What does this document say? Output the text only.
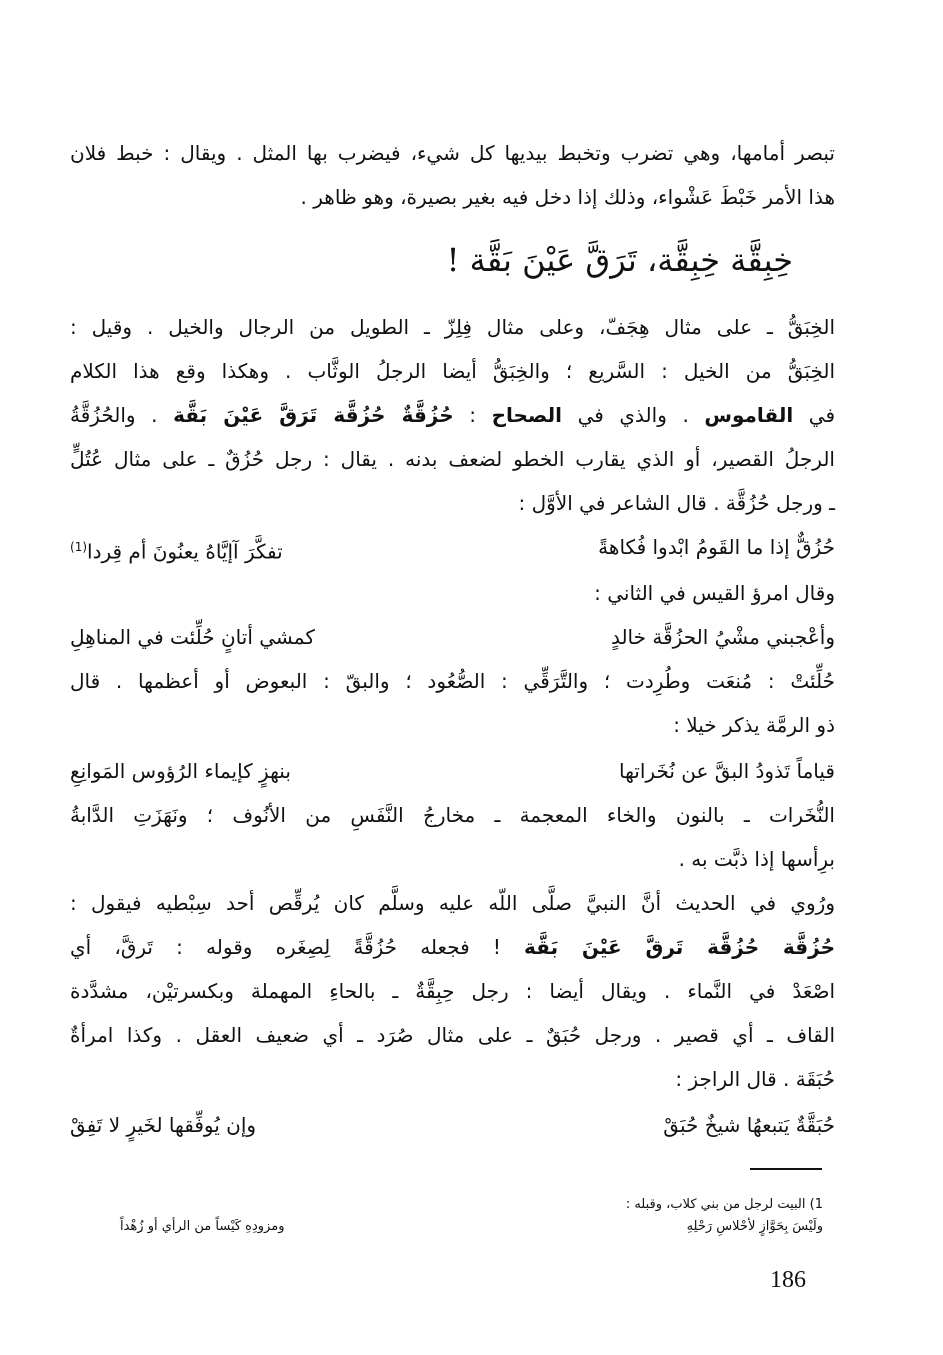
تبصر أمامها، وهي تضرب وتخبط بيديها كل شيء، فيضرب بها المثل . ويقال : خبط فلان
هذا الأمر خَبْطَ عَشْواء، وذلك إذا دخل فيه بغير بصيرة، وهو ظاهر .
خِبِقَّة خِبِقَّة، تَرَقَّ عَيْنَ بَقَّة !
الخِبَقُّ ـ على مثال هِجَفّ، وعلى مثال فِلِزّ ـ الطويل من الرجال والخيل . وقيل :
الخِبَقُّ من الخيل : السَّريع ؛ والخِبَقُّ أيضا الرجلُ الوثَّاب . وهكذا وقع هذا الكلام
في القاموس . والذي في الصحاح : حُزُقَّةٌ حُزُقَّة تَرَقَّ عَيْنَ بَقَّة . والحُزُقَّةُ
الرجلُ القصير، أو الذي يقارب الخطو لضعف بدنه . يقال : رجل حُزُقٌ ـ على مثال عُتُلٍّ
ـ ورجل حُزُقَّة . قال الشاعر في الأوَّل :
حُزُقٌّ إذا ما القَومُ ابْدوا فُكاهةً
تفكَّرَ آإيَّاهُ يعنُونَ أم قِردا$^{(1)}$
وقال امرؤ القيس في الثاني :
وأعْجبني مشْيُ الحزُقَّة خالدٍ
كمشي أتانٍ حُلِّئت في المناهِلِ
حُلِّئتْ : مُنعَت وطُرِدت ؛ والتَّرَقِّي : الصُّعُود ؛ والبقّ : البعوض أو أعظمها . قال
ذو الرمَّة يذكر خيلا :
قياماً تَذودُ البقَّ عن نُخَراتها
بنهزٍ كإيماء الرُؤوس المَوانِعِ
النُّخَرات ـ بالنون والخاء المعجمة ـ مخارجُ النَّفَسِ من الأنُوف ؛ ونَهَزَتِ الدَّابةُ
برِأسها إذا ذبَّت به .
ورُوي في الحديث أنَّ النبيَّ صلَّى اللّه عليه وسلَّم كان يُرقِّص أحد سِبْطيه فيقول :
حُزُقَّة حُزُقَّة تَرقَّ عَيْنَ بَقَّة ! فجعله حُزُقَّةً لِصِغَره وقوله : تَرقَّ، أي
اصْعَدْ في النَّماء . ويقال أيضا : رجل حِبِقَّةٌ ـ بالحاءِ المهملة وبكسرتيْن، مشدَّدة
القاف ـ أي قصير . ورجل حُبَقٌ ـ على مثال صُرَد ـ أي ضعيف العقل . وكذا امرأةٌ
حُبَقَة . قال الراجز :
حُبَقَّةٌ يَتبعهُا شيخٌ حُبَقْ
وإن يُوفِّقها لخَيرٍ لا تَفِقْ
1) البيت لرجل من بني كلاب، وقبله :
ولَيْسَ بِحَوَّازٍ لأحْلاسِ رَحْلِهِ
ومزودِهِ كَيْساً من الرأي أو زُهْداً
186
